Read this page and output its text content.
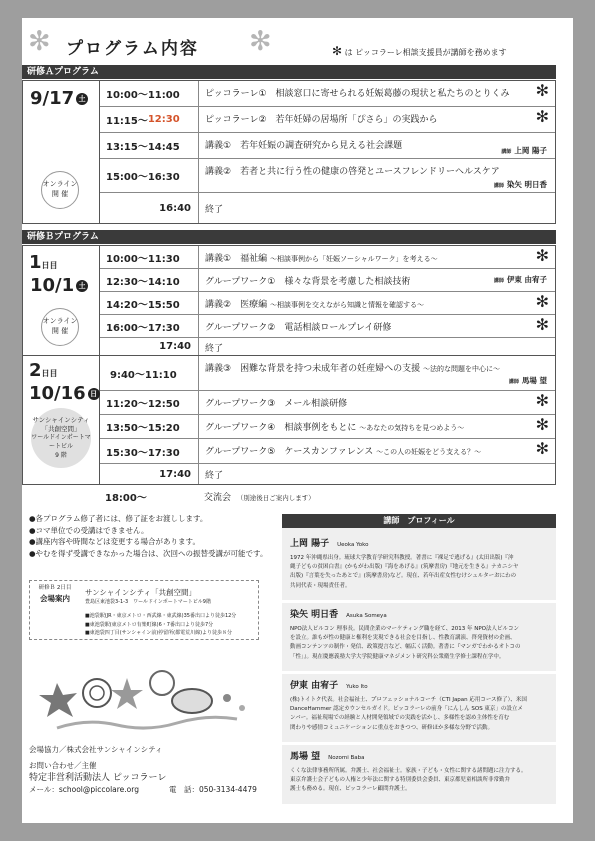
✻ プログラム内容 ✻	✻ は ピッコラーレ相談支援員が講師を務めます
研修Ａプログラム
9/17 土
オンライン
開 催
10:00～11:00	ピッコラーレ①　相談窓口に寄せられる妊娠葛藤の現状と私たちのとりくみ	✻
11:15～ 12:30	ピッコラーレ②　若年妊婦の居場所「ぴさら」の実践から	✻
13:15～14:45	講義①　若年妊娠の調査研究から見える社会課題
講師 上岡 陽子
15:00～16:30	講義②　若者と共に行う性の健康の啓発とユースフレンドリーヘルスケア
講師 染矢 明日香
16:40	終了
研修Ｂプログラム
1日目
10/1 土
オンライン
開 催
10:00～11:30	講義①　福祉編 ～相談事例から「妊娠ソーシャルワーク」を考える～	✻
12:30～14:10	グループワーク①　様々な背景を考慮した相談技術	講師 伊東 由宥子
14:20～15:50	講義②　医療編 ～相談事例を交えながら知識と情報を確認する～	✻
16:00～17:30	グループワーク②　電話相談ロールプレイ研修	✻
17:40	終了
2日目
10/16 日
サンシャインシティ
「共創空間」
ワールドインポートマートビル
9 階
9:40～11:10
講義③　困難な背景を持つ未成年者の妊産婦への支援 ～法的な問題を中心に～
講師 馬場 望
11:20～12:50	グループワーク③　メール相談研修	✻
13:50～15:20	グループワーク④　相談事例をもとに ～あなたの気持ちを見つめよう～	✻
15:30～17:30	グループワーク⑤　ケースカンファレンス ～この人の妊娠をどう支える？～	✻
17:40	終了
18:00～	交流会　 （別途後日ご案内します）
●各プログラム修了者には、修了証をお渡しします。
●コマ単位での受講はできません。
●講座内容や時間などは変更する場合があります。
●やむを得ず受講できなかった場合は、次回への振替受講が可能です。
研修Ｂ 2日目
会場案内
サンシャインシティ「共創空間」
豊島区東池袋3-1-3　ワールドインポートマートビル9階
■池袋駅(JR・東京メトロ・西武線・東武線)35番出口より徒歩12分
■東池袋駅(東京メトロ有楽町線)6・7番出口より徒歩7分
■東池袋四丁目(サンシャイン前)停留所(都電荒川線)より徒歩８分
会場協力／株式会社サンシャインシティ
お問い合わせ／主催
特定非営利活動法人 ピッコラーレ
メール：school@piccolare.org	電　話：050-3134-4479
講師　プロフィール
上岡 陽子 Ueoka Yoko
1972 年沖縄県出身。琉球大学教育学研究科教授。著書に『裸足で逃げる』(太田出版)『沖
縄子どもの貧困白書』(かもがわ出版)『海をあげる』(筑摩書房)『地元を生きる』ナカニシヤ
出版)『言葉を失ったあとで』(筑摩書房)など。現在、若年出産女性むけシェルターおにわの
共同代表・現場責任者。
染矢 明日香 Asuka Someya
NPO法人ピルコン 理事長。民間企業のマーケティング職を経て、2013 年 NPO法人ピルコン
を設立。誰もが性の健康と権利を実現できる社会を目指し、性教育講演、啓発資材の企画、
動画コンテンツの制作・発信、政策提言など、幅広く活動。著書に『マンガでわかるオトコの
「性」』。現在慶應義塾大学大学院健康マネジメント研究科公衆衛生学修士課程在学中。
伊東 由宥子 Yuko Ito
(株)トイトク代表。社会福祉士、プロフェッショナルコーチ（CTI Japan 応用コース修了）、米国
DanceHammer 認定カウンセルガイド。ピッコラーレの前身「にんしん SOS 東京」の設立メ
ンバー。福祉現場での経験と人材開発領域での実践を活かし、多様性を認め主体性を育む
関わりや感情コミュニケーションに重点をおきつつ、研修ほか多様な分野で活動。
馬場 望 Nozomi Baba
くくな法律事務所所属。弁護士、社会福祉士。家族・子ども・女性に関する諸問題に注力する。
東京弁護士会子どもの人権と少年法に関する特別委員会委員、東京都児童相談所非常勤弁
護士も務める。現在、ピッコラーレ顧問弁護士。
